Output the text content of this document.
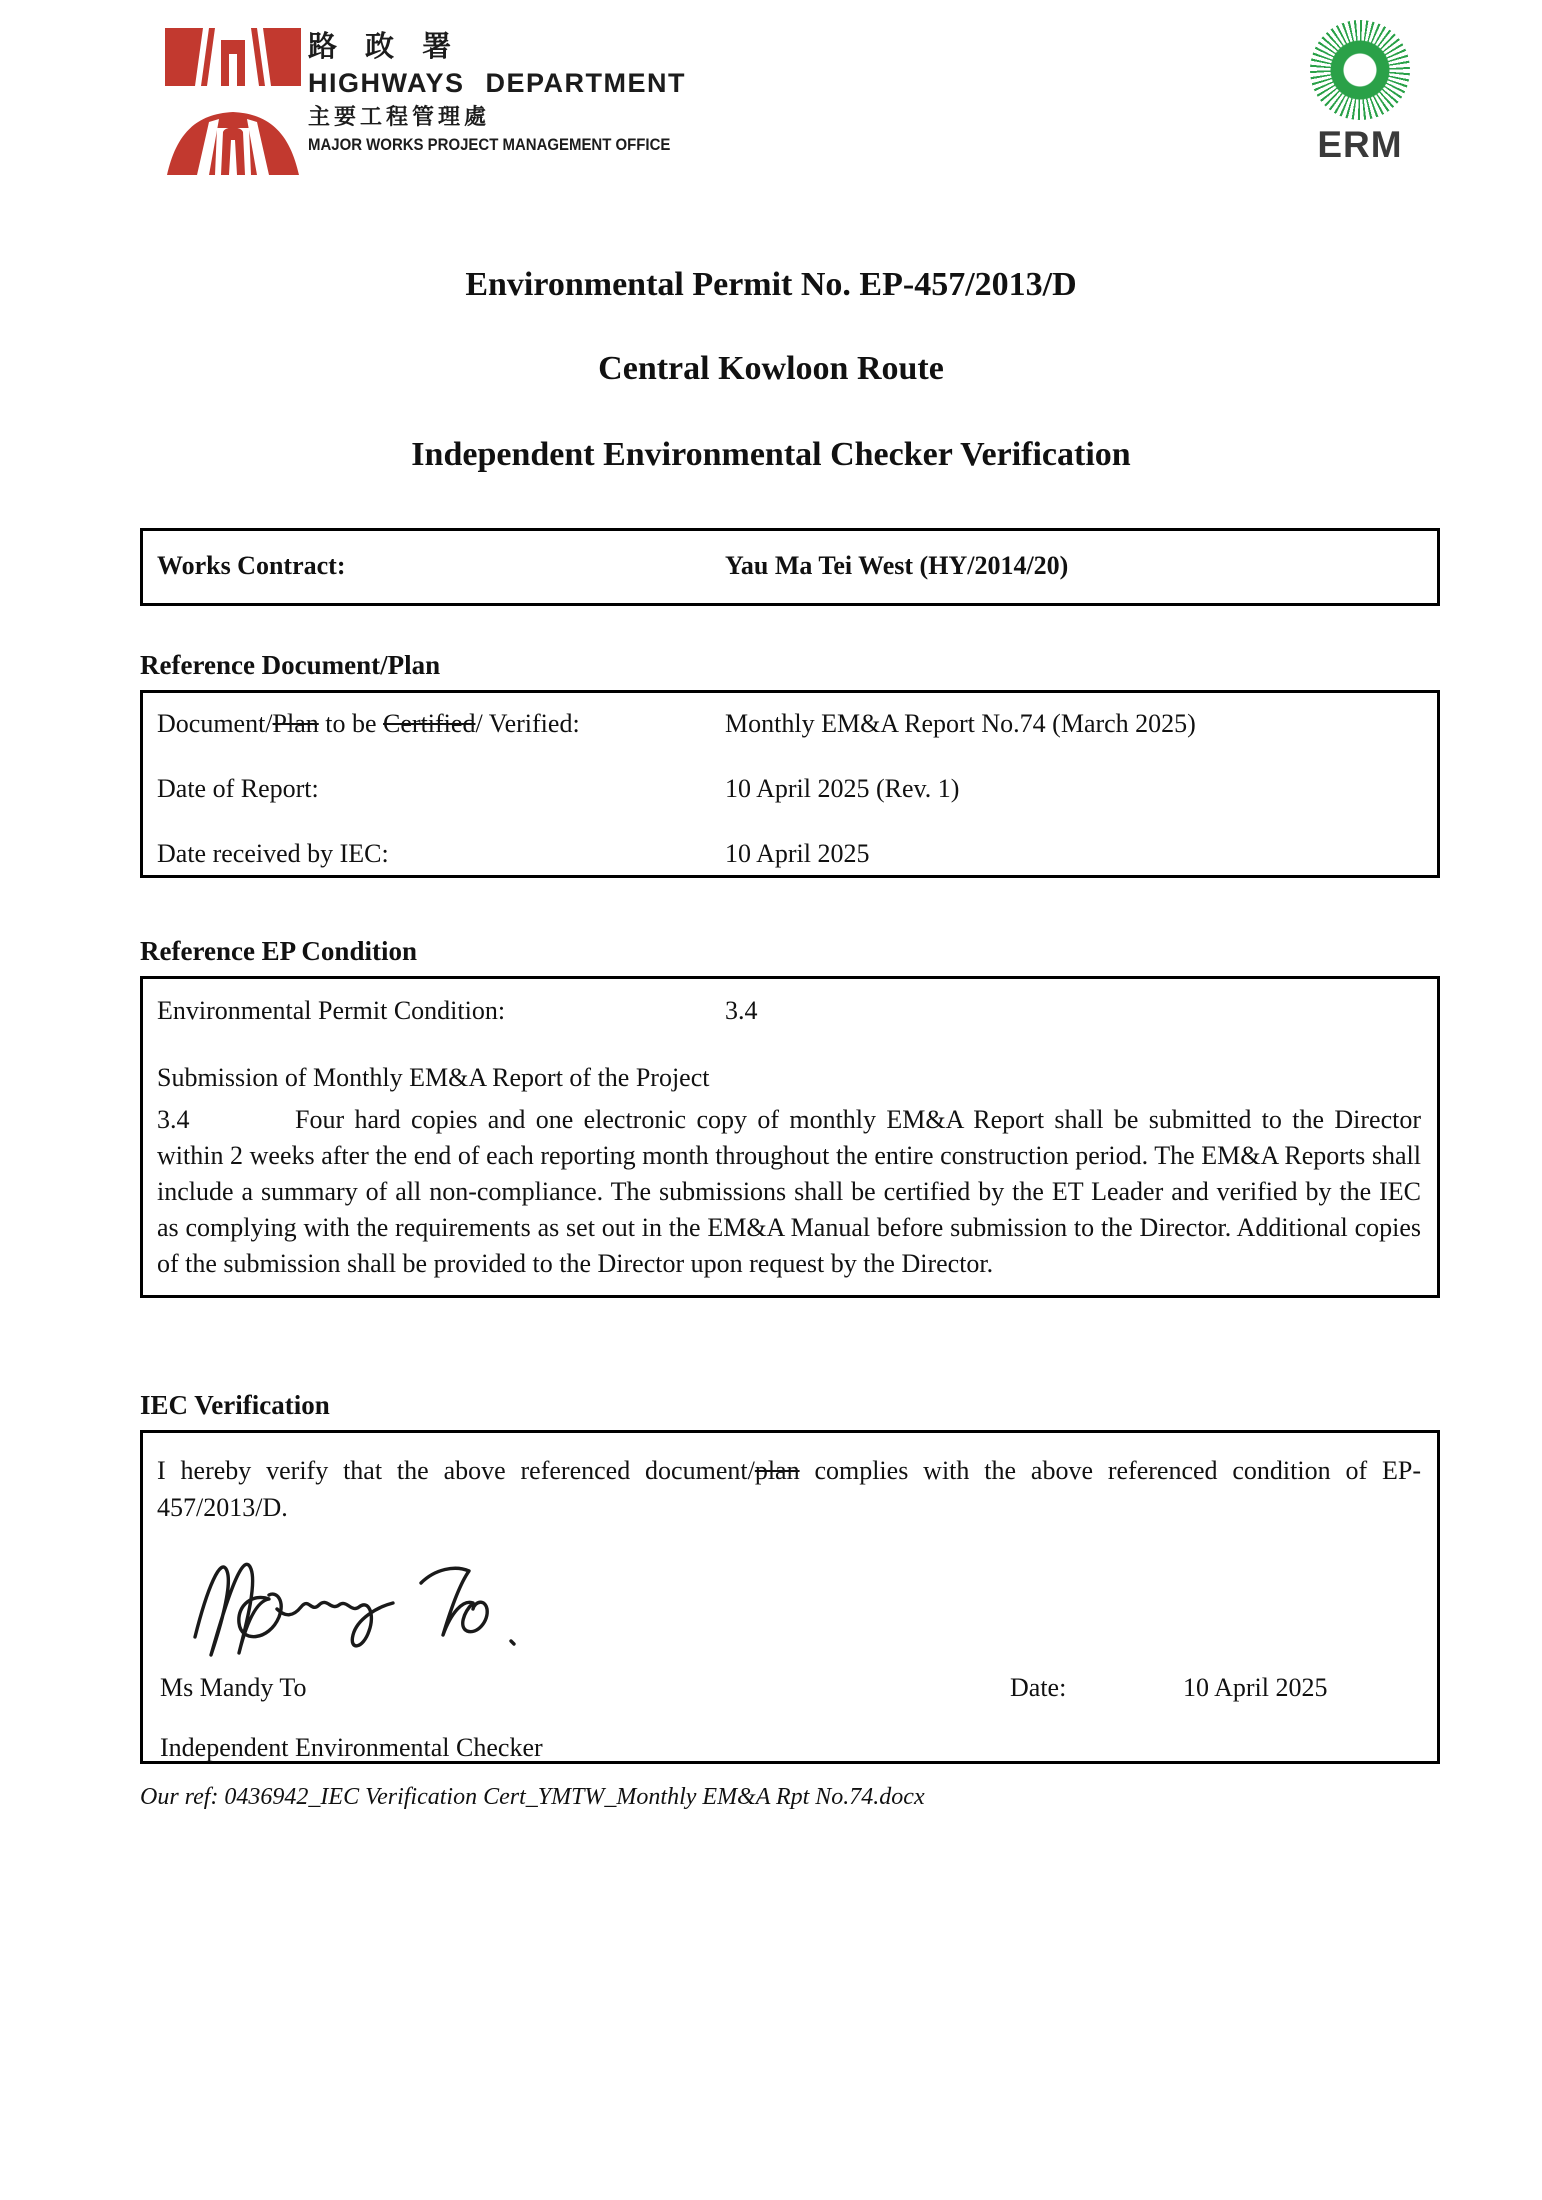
路 政 署
HIGHWAYS DEPARTMENT
主要工程管理處
MAJOR WORKS PROJECT MANAGEMENT OFFICE	ERM
Environmental Permit No. EP-457/2013/D
Central Kowloon Route
Independent Environmental Checker Verification
Works Contract:	Yau Ma Tei West (HY/2014/20)
Reference Document/Plan
Document/Plan to be Certified/ Verified:	Monthly EM&A Report No.74 (March 2025)
Date of Report:	10 April 2025 (Rev. 1)
Date received by IEC:	10 April 2025
Reference EP Condition
Environmental Permit Condition:	3.4
Submission of Monthly EM&A Report of the Project
3.4	Four hard copies and one electronic copy of monthly EM&A Report shall be submitted to the Director within 2 weeks after the end of each reporting month throughout the entire construction period. The EM&A Reports shall include a summary of all non-compliance. The submissions shall be certified by the ET Leader and verified by the IEC as complying with the requirements as set out in the EM&A Manual before submission to the Director. Additional copies of the submission shall be provided to the Director upon request by the Director.
IEC Verification
I hereby verify that the above referenced document/plan complies with the above referenced condition of EP-457/2013/D.
Ms Mandy To	Date:	10 April 2025
Independent Environmental Checker
Our ref: 0436942_IEC Verification Cert_YMTW_Monthly EM&A Rpt No.74.docx
